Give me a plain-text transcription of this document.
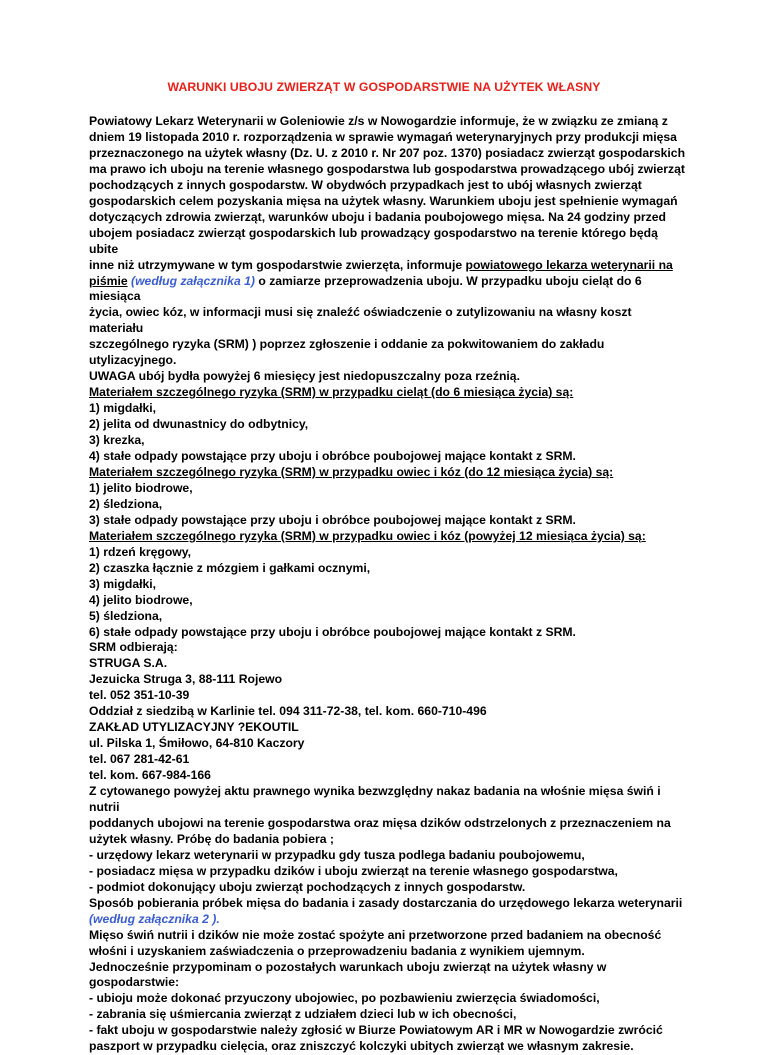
WARUNKI UBOJU ZWIERZĄT W GOSPODARSTWIE NA UŻYTEK WŁASNY

Powiatowy Lekarz Weterynarii w Goleniowie z/s w Nowogardzie informuje, że w związku ze zmianą z

dniem 19 listopada 2010 r. rozporządzenia w sprawie wymagań weterynaryjnych przy produkcji mięsa

przeznaczonego na użytek własny (Dz. U. z 2010 r. Nr 207 poz. 1370) posiadacz zwierząt gospodarskich

ma prawo ich uboju na terenie własnego gospodarstwa lub gospodarstwa prowadzącego ubój zwierząt

pochodzących z innych gospodarstw. W obydwóch przypadkach jest to ubój własnych zwierząt

gospodarskich celem pozyskania mięsa na użytek własny. Warunkiem uboju jest spełnienie wymagań

dotyczących zdrowia zwierząt, warunków uboju i badania poubojowego mięsa. Na 24 godziny przed

ubojem posiadacz zwierząt gospodarskich lub prowadzący gospodarstwo na terenie którego będą ubite

inne niż utrzymywane w tym gospodarstwie zwierzęta, informuje powiatowego lekarza weterynarii na

piśmie (według załącznika 1) o zamiarze przeprowadzenia uboju. W przypadku uboju cieląt do 6 miesiąca

życia, owiec kóz, w informacji musi się znaleźć oświadczenie o zutylizowaniu na własny koszt materiału

szczególnego ryzyka (SRM) ) poprzez zgłoszenie i oddanie za pokwitowaniem do zakładu utylizacyjnego.

UWAGA ubój bydła powyżej 6 miesięcy jest niedopuszczalny poza rzeźnią.

Materiałem szczególnego ryzyka (SRM) w przypadku cieląt (do 6 miesiąca życia) są:

1) migdałki,

2) jelita od dwunastnicy do odbytnicy,

3) krezka,

4) stałe odpady powstające przy uboju i obróbce poubojowej mające kontakt z SRM.

Materiałem szczególnego ryzyka (SRM) w przypadku owiec i kóz (do 12 miesiąca życia) są:

1) jelito biodrowe,

2) śledziona,

3) stałe odpady powstające przy uboju i obróbce poubojowej mające kontakt z SRM.

Materiałem szczególnego ryzyka (SRM) w przypadku owiec i kóz (powyżej 12 miesiąca życia) są:

1) rdzeń kręgowy,

2) czaszka łącznie z mózgiem i gałkami ocznymi,

3) migdałki,

4) jelito biodrowe,

5) śledziona,

6) stałe odpady powstające przy uboju i obróbce poubojowej mające kontakt z SRM.

SRM odbierają:

STRUGA S.A.

Jezuicka Struga 3, 88-111 Rojewo

tel. 052 351-10-39

Oddział z siedzibą w Karlinie tel. 094 311-72-38, tel. kom. 660-710-496

ZAKŁAD UTYLIZACYJNY ?EKOUTIL

ul. Pilska 1, Śmiłowo, 64-810 Kaczory

tel. 067 281-42-61

tel. kom. 667-984-166

Z cytowanego powyżej aktu prawnego wynika bezwzględny nakaz badania na włośnie mięsa świń i nutrii

poddanych ubojowi na terenie gospodarstwa oraz mięsa dzików odstrzelonych z przeznaczeniem na

użytek własny. Próbę do badania pobiera ;

- urzędowy lekarz weterynarii w przypadku gdy tusza podlega badaniu poubojowemu,

- posiadacz mięsa w przypadku dzików i uboju zwierząt na terenie własnego gospodarstwa,

- podmiot dokonujący uboju zwierząt pochodzących z innych gospodarstw.

Sposób pobierania próbek mięsa do badania i zasady dostarczania do urzędowego lekarza weterynarii

(według załącznika 2 ).

Mięso świń nutrii i dzików nie może zostać spożyte ani przetworzone przed badaniem na obecność

włośni i uzyskaniem zaświadczenia o przeprowadzeniu badania z wynikiem ujemnym.

Jednocześnie przypominam o pozostałych warunkach uboju zwierząt na użytek własny w gospodarstwie:

- ubioju może dokonać przyuczony ubojowiec, po pozbawieniu zwierzęcia świadomości,

- zabrania się uśmiercania zwierząt z udziałem dzieci lub w ich obecności,

- fakt uboju w gospodarstwie należy zgłosić w Biurze Powiatowym AR i MR w Nowogardzie zwrócić

paszport w przypadku cielęcia, oraz zniszczyć kolczyki ubitych zwierząt we własnym zakresie.
